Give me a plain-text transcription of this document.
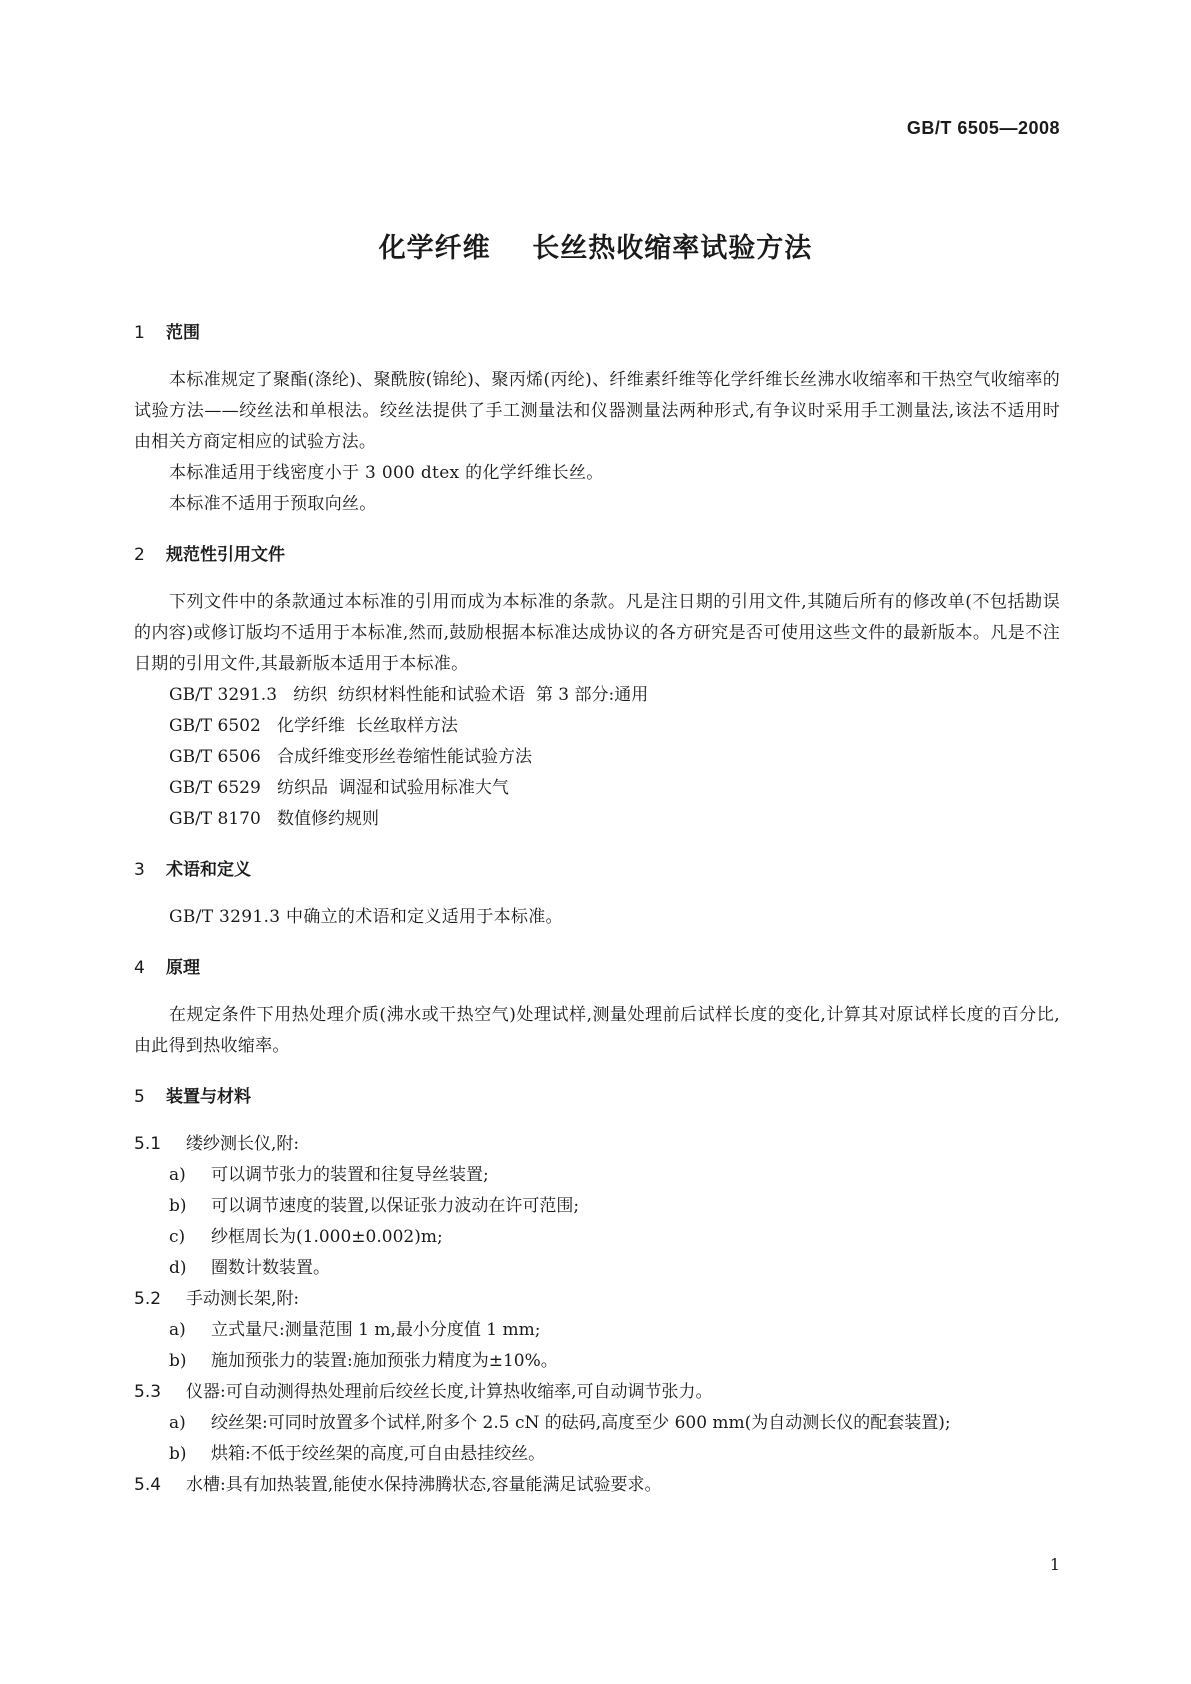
GB/T 6505—2008
化学纤维    长丝热收缩率试验方法
1 范围
本标准规定了聚酯(涤纶)、聚酰胺(锦纶)、聚丙烯(丙纶)、纤维素纤维等化学纤维长丝沸水收缩率和干热空气收缩率的试验方法——绞丝法和单根法。绞丝法提供了手工测量法和仪器测量法两种形式,有争议时采用手工测量法,该法不适用时由相关方商定相应的试验方法。
本标准适用于线密度小于 3 000 dtex 的化学纤维长丝。
本标准不适用于预取向丝。
2 规范性引用文件
下列文件中的条款通过本标准的引用而成为本标准的条款。凡是注日期的引用文件,其随后所有的修改单(不包括勘误的内容)或修订版均不适用于本标准,然而,鼓励根据本标准达成协议的各方研究是否可使用这些文件的最新版本。凡是不注日期的引用文件,其最新版本适用于本标准。
GB/T 3291.3   纺织  纺织材料性能和试验术语  第 3 部分:通用
GB/T 6502   化学纤维  长丝取样方法
GB/T 6506   合成纤维变形丝卷缩性能试验方法
GB/T 6529   纺织品  调湿和试验用标准大气
GB/T 8170   数值修约规则
3 术语和定义
GB/T 3291.3 中确立的术语和定义适用于本标准。
4 原理
在规定条件下用热处理介质(沸水或干热空气)处理试样,测量处理前后试样长度的变化,计算其对原试样长度的百分比,由此得到热收缩率。
5 装置与材料
5.1	缕纱测长仪,附:
a)	可以调节张力的装置和往复导丝装置;
b)	可以调节速度的装置,以保证张力波动在许可范围;
c)	纱框周长为(1.000±0.002)m;
d)	圈数计数装置。
5.2	手动测长架,附:
a)	立式量尺:测量范围 1 m,最小分度值 1 mm;
b)	施加预张力的装置:施加预张力精度为±10%。
5.3	仪器:可自动测得热处理前后绞丝长度,计算热收缩率,可自动调节张力。
a)	绞丝架:可同时放置多个试样,附多个 2.5 cN 的砝码,高度至少 600 mm(为自动测长仪的配套装置);
b)	烘箱:不低于绞丝架的高度,可自由悬挂绞丝。
5.4	水槽:具有加热装置,能使水保持沸腾状态,容量能满足试验要求。
1
